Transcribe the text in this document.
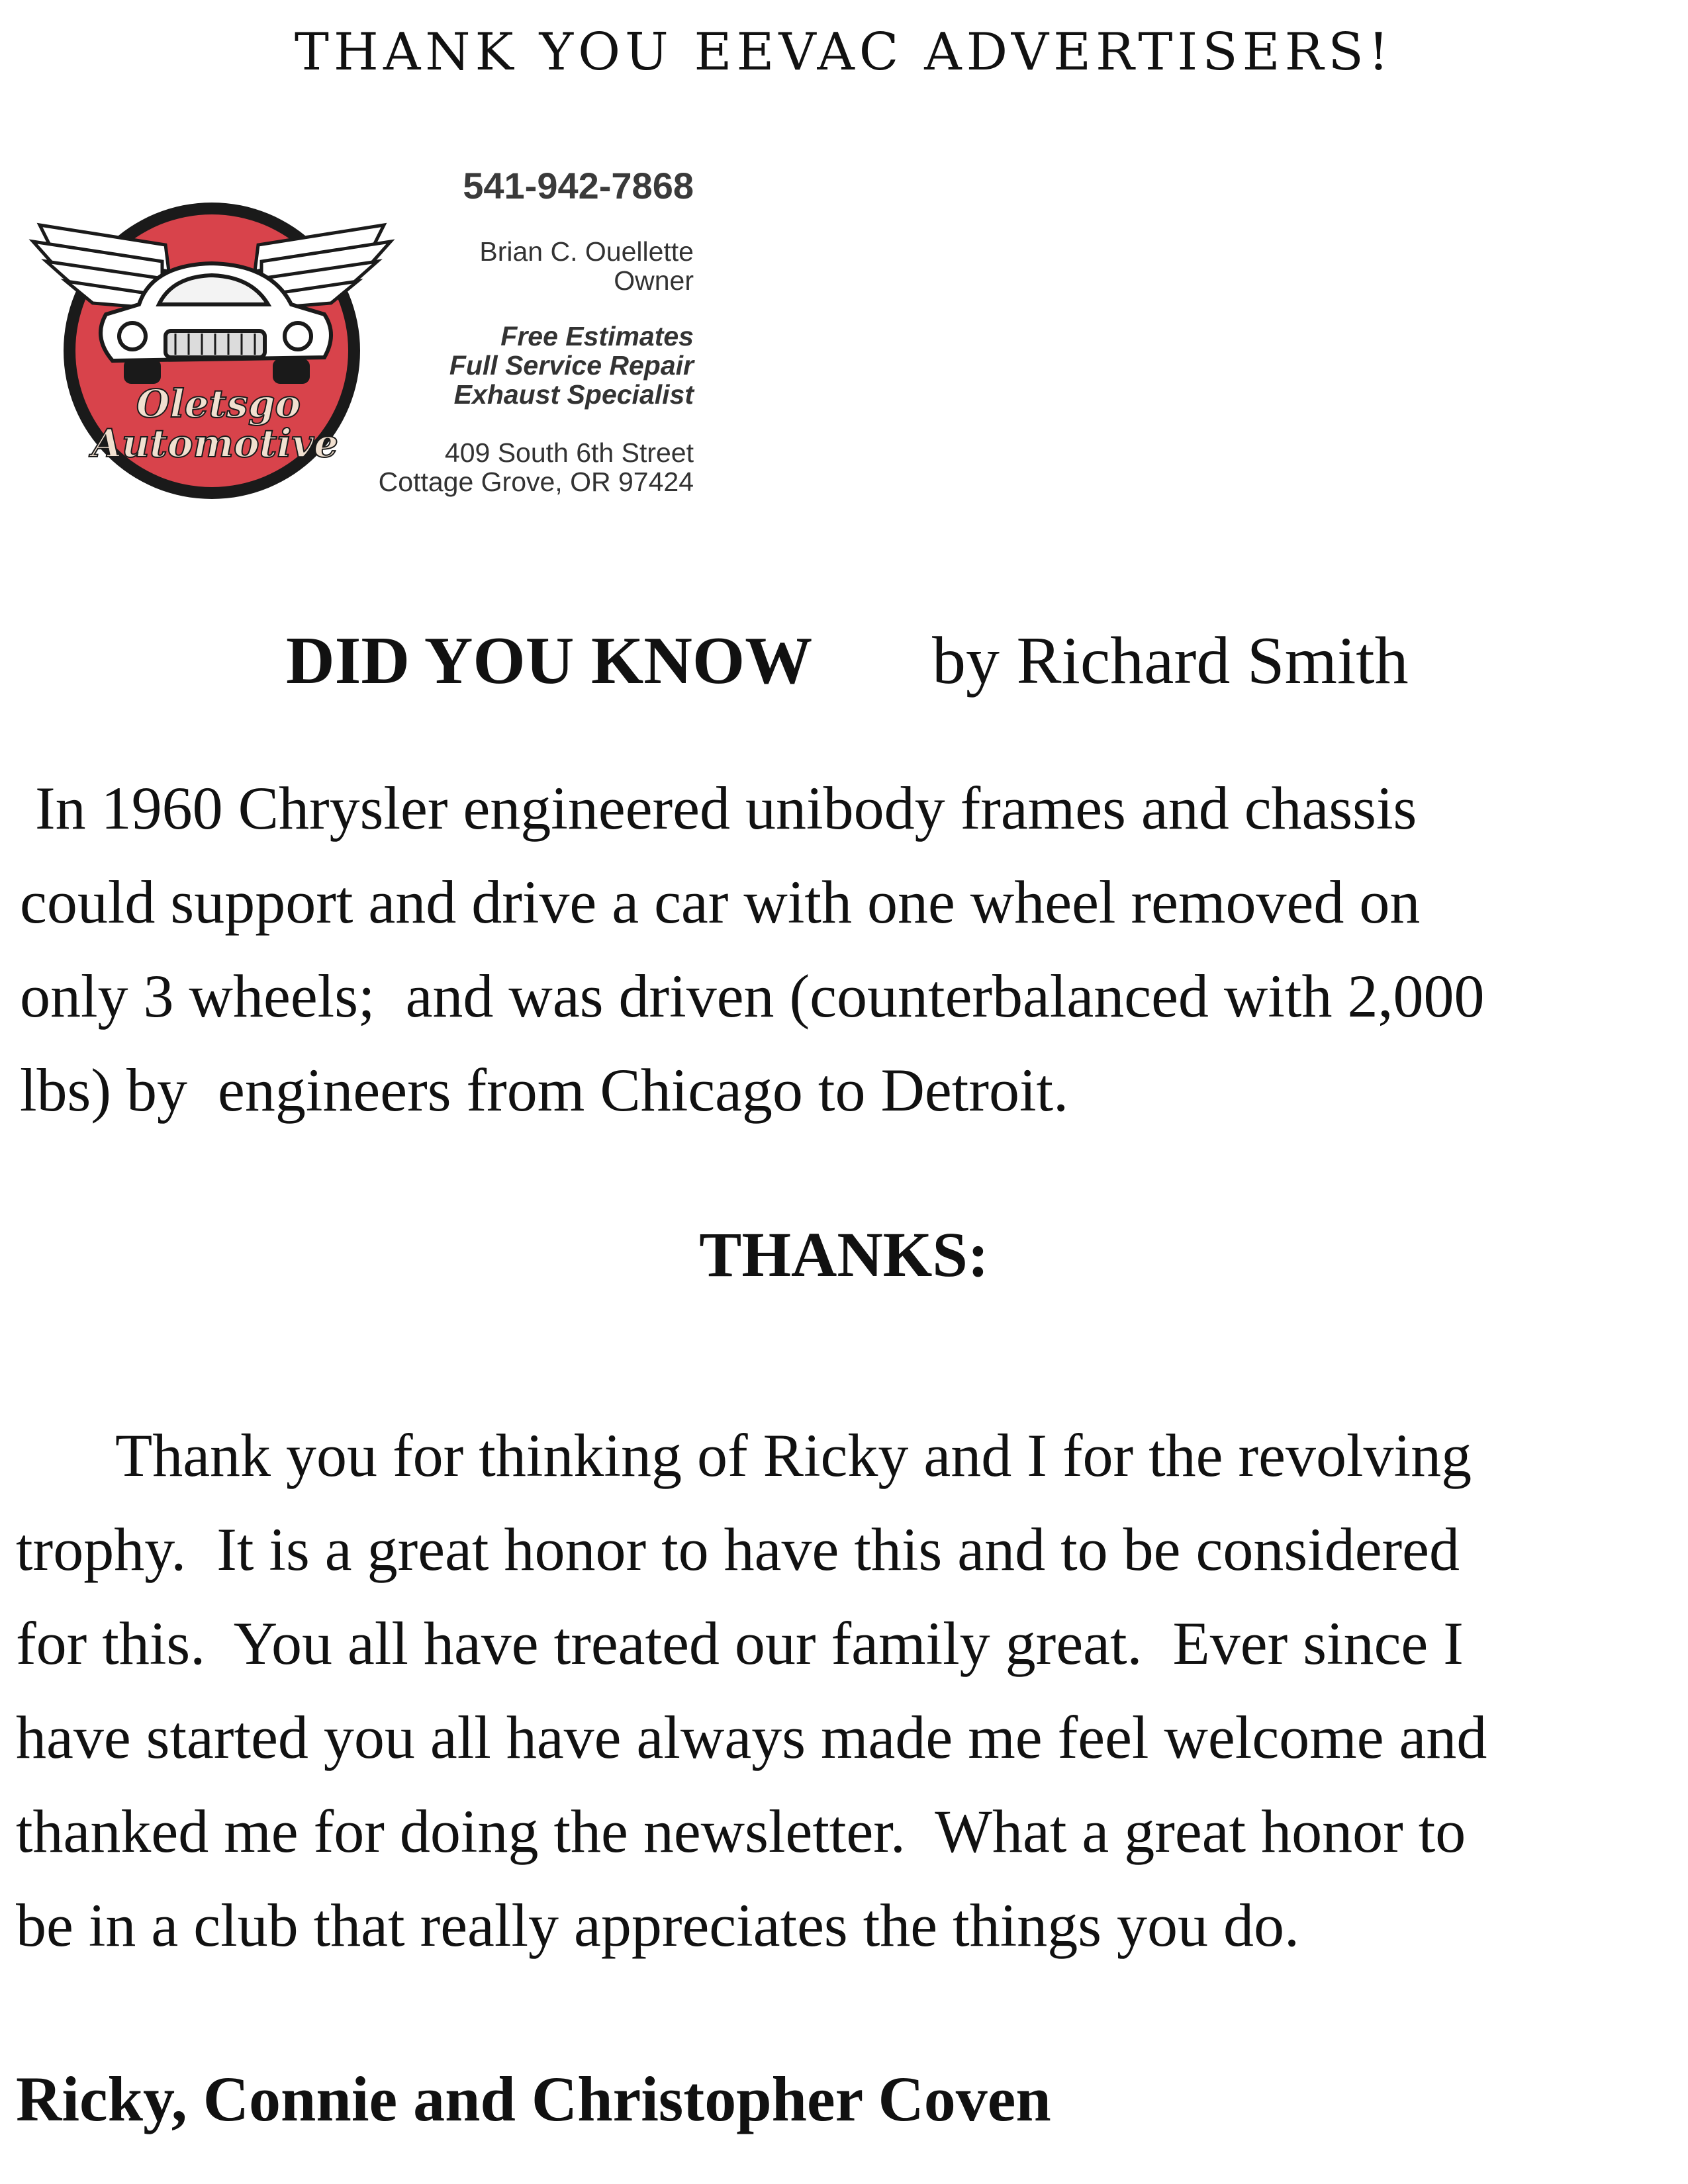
THANK YOU EEVAC ADVERTISERS!
Oletsgo
Automotive
541-942-7868
Brian C. Ouellette
Owner
Free Estimates
Full Service Repair
Exhaust Specialist
409 South 6th Street
Cottage Grove, OR 97424
DID YOU KNOW by Richard Smith
In 1960 Chrysler engineered unibody frames and chassis
could support and drive a car with one wheel removed on
only 3 wheels;  and was driven (counterbalanced with 2,000
lbs) by  engineers from Chicago to Detroit.
THANKS:
Thank you for thinking of Ricky and I for the revolving
trophy.  It is a great honor to have this and to be considered
for this.  You all have treated our family great.  Ever since I
have started you all have always made me feel welcome and
thanked me for doing the newsletter.  What a great honor to
be in a club that really appreciates the things you do.
Ricky, Connie and Christopher Coven
